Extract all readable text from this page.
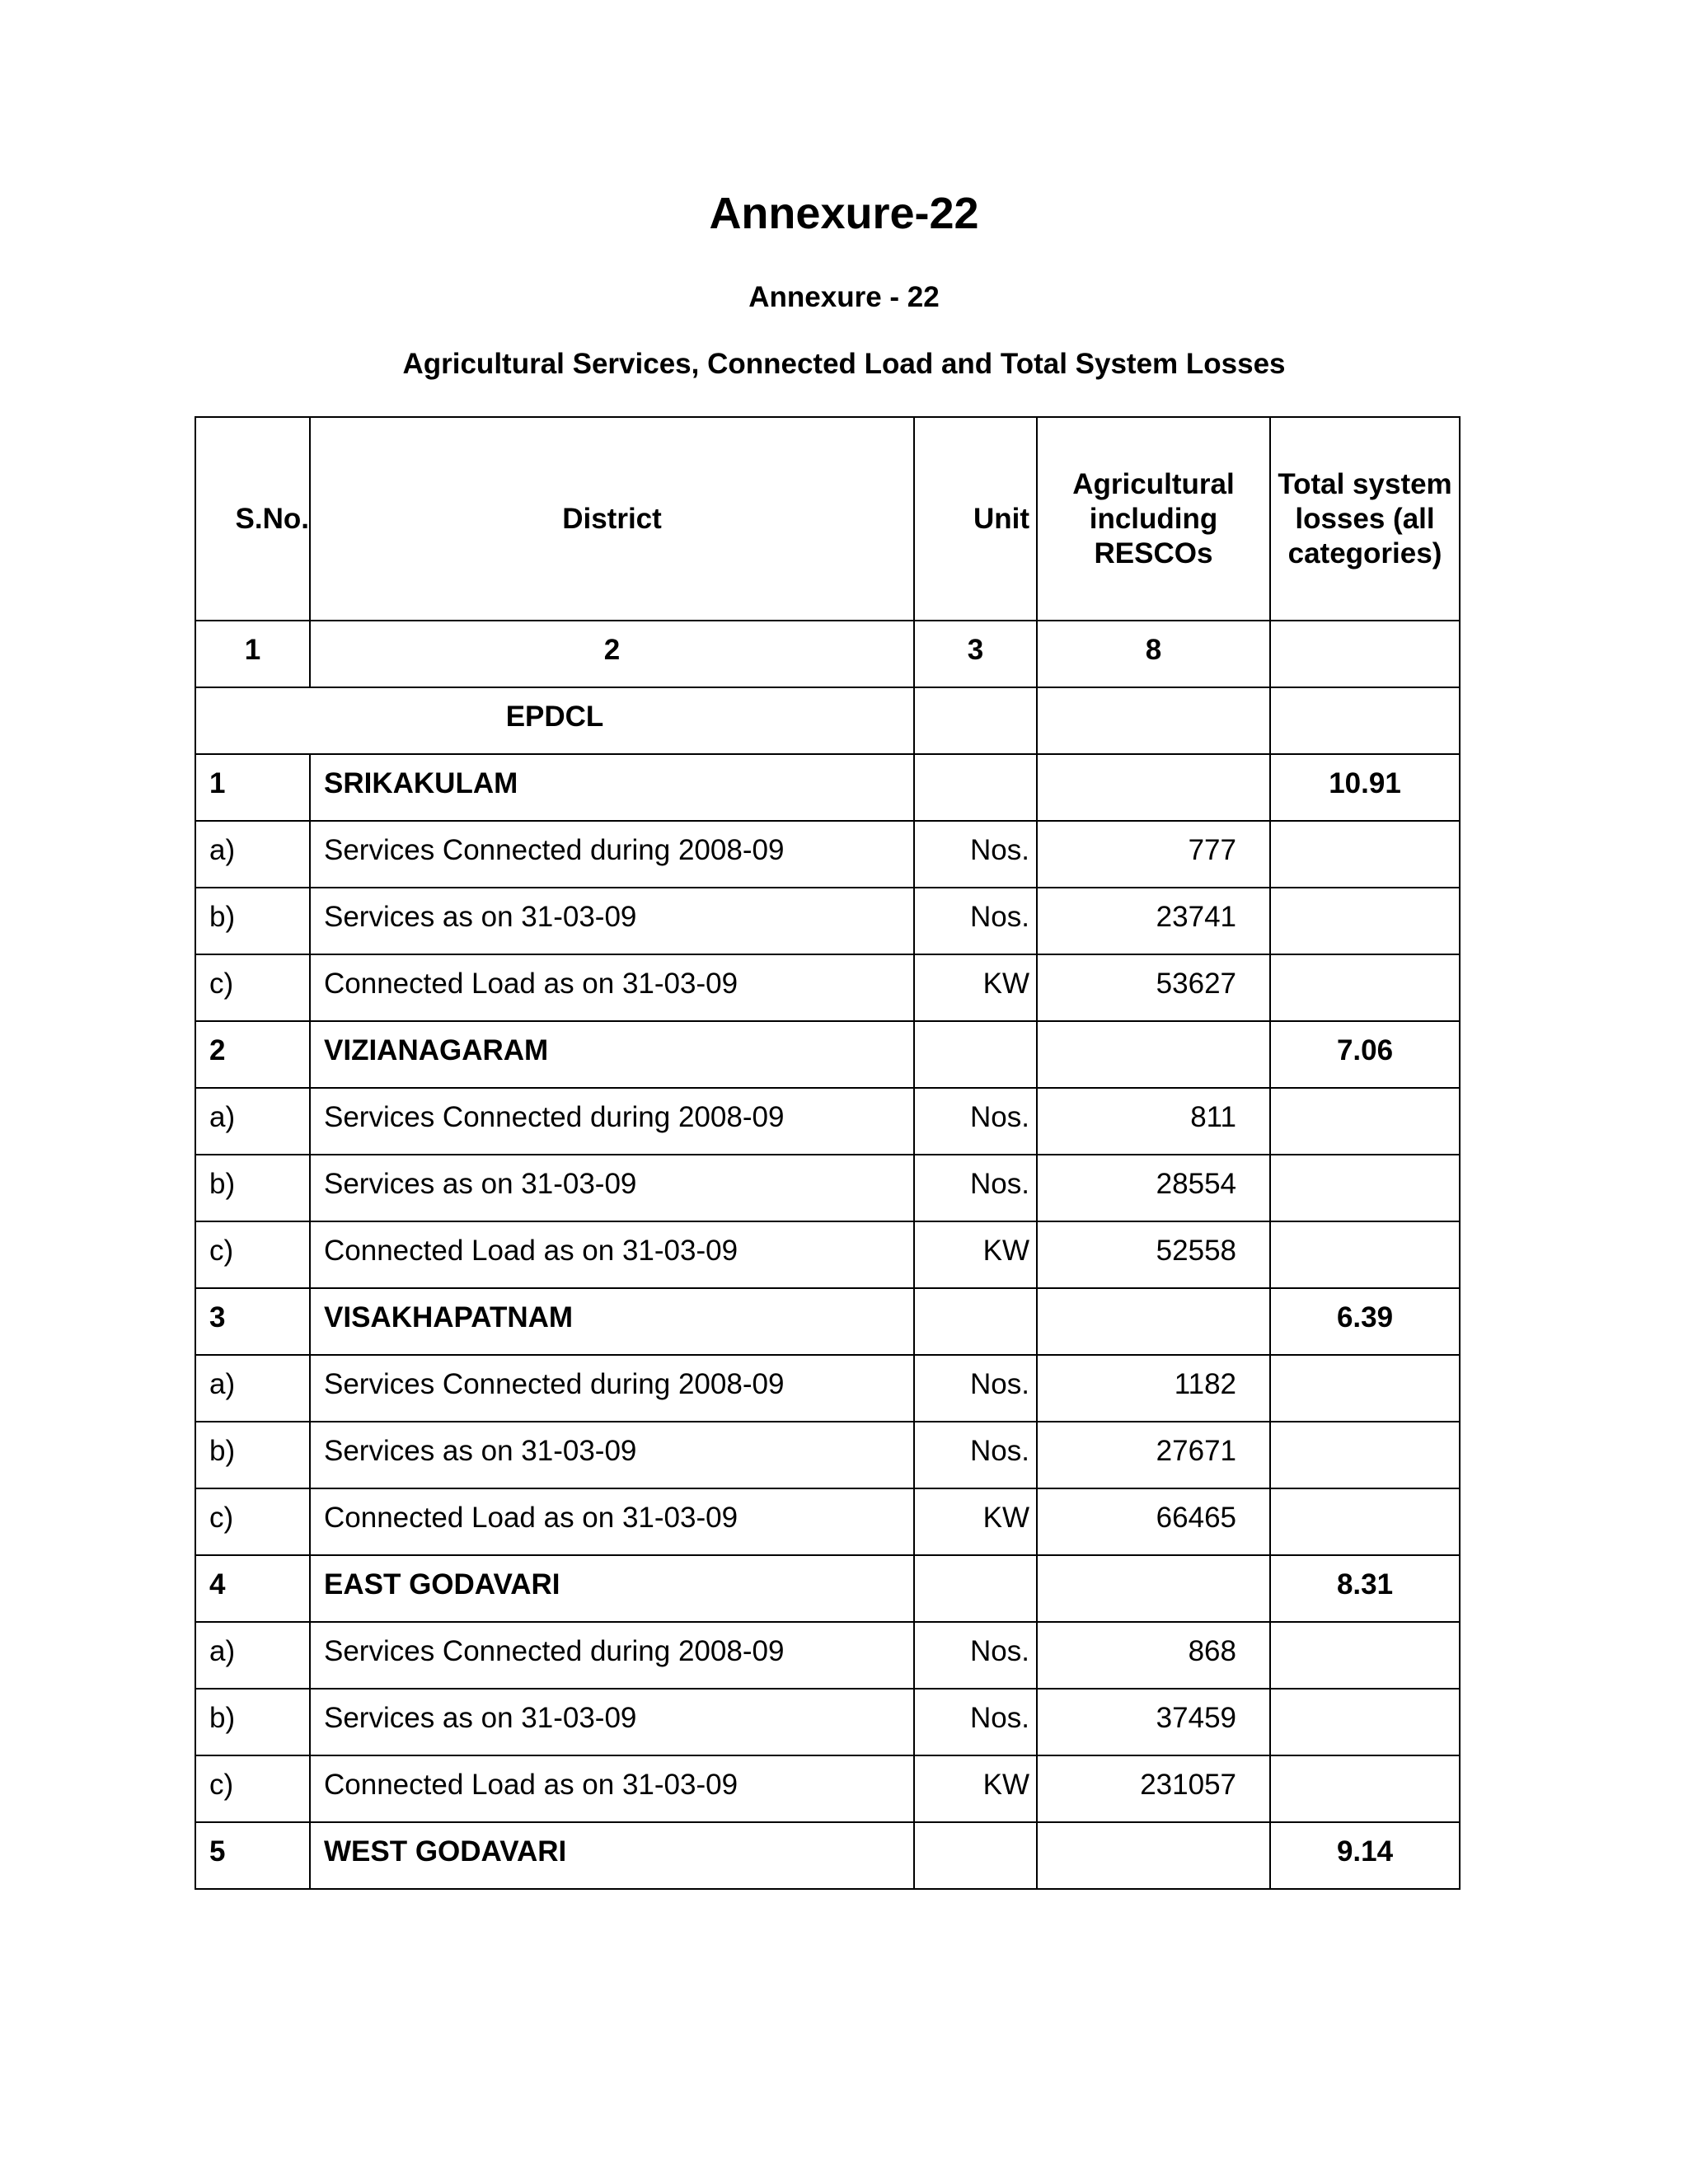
Annexure-22
Annexure - 22
Agricultural Services, Connected Load and Total System Losses
S.No.	District	Unit	Agricultural including RESCOs	Total system losses (all categories)
1	2	3	8	
EPDCL				
1	SRIKAKULAM			10.91
a)	Services Connected during 2008-09	Nos.	777	
b)	Services as on 31-03-09	Nos.	23741	
c)	Connected Load as on 31-03-09	KW	53627	
2	VIZIANAGARAM			7.06
a)	Services Connected during 2008-09	Nos.	811	
b)	Services as on 31-03-09	Nos.	28554	
c)	Connected Load as on 31-03-09	KW	52558	
3	VISAKHAPATNAM			6.39
a)	Services Connected during 2008-09	Nos.	1182	
b)	Services as on 31-03-09	Nos.	27671	
c)	Connected Load as on 31-03-09	KW	66465	
4	EAST GODAVARI			8.31
a)	Services Connected during 2008-09	Nos.	868	
b)	Services as on 31-03-09	Nos.	37459	
c)	Connected Load as on 31-03-09	KW	231057	
5	WEST GODAVARI			9.14
